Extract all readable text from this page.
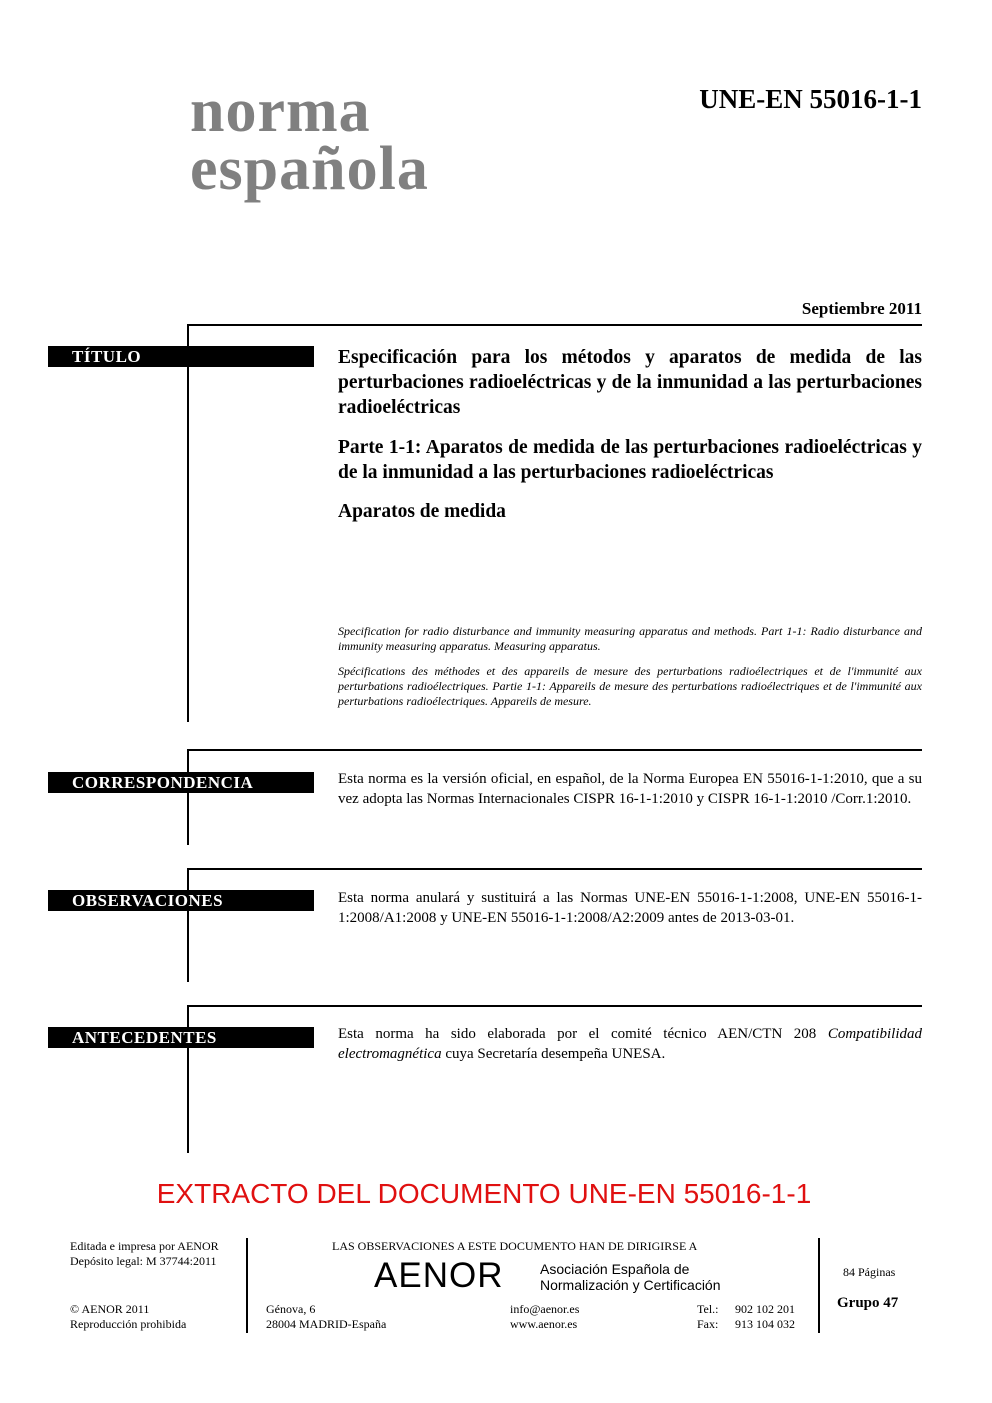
norma
española
UNE-EN 55016-1-1
Septiembre 2011
TÍTULO	Especificación para los métodos y aparatos de medida de las perturbaciones radioeléctricas y de la inmunidad a las perturbaciones radioeléctricas

Parte 1-1: Aparatos de medida de las perturbaciones radioeléctricas y de la inmunidad a las perturbaciones radioeléctricas

Aparatos de medida

Specification for radio disturbance and immunity measuring apparatus and methods. Part 1-1: Radio disturbance and immunity measuring apparatus. Measuring apparatus.

Spécifications des méthodes et des appareils de mesure des perturbations radioélectriques et de l'immunité aux perturbations radioélectriques. Partie 1-1: Appareils de mesure des perturbations radioélectriques et de l'immunité aux perturbations radioélectriques. Appareils de mesure.

CORRESPONDENCIA	Esta norma es la versión oficial, en español, de la Norma Europea EN 55016-1-1:2010, que a su vez adopta las Normas Internacionales CISPR 16-1-1:2010 y CISPR 16-1-1:2010 /Corr.1:2010.

OBSERVACIONES	Esta norma anulará y sustituirá a las Normas UNE-EN 55016-1-1:2008, UNE-EN 55016-1-1:2008/A1:2008 y UNE-EN 55016-1-1:2008/A2:2009 antes de 2013-03-01.

ANTECEDENTES	Esta norma ha sido elaborada por el comité técnico AEN/CTN 208 Compatibilidad electromagnética cuya Secretaría desempeña UNESA.

EXTRACTO DEL DOCUMENTO UNE-EN 55016-1-1
Editada e impresa por AENOR
Depósito legal: M 37744:2011
© AENOR 2011
Reproducción prohibida
LAS OBSERVACIONES A ESTE DOCUMENTO HAN DE DIRIGIRSE A
AENOR	Asociación Española de
Normalización y Certificación
Génova, 6
28004 MADRID-España
info@aenor.es
www.aenor.es
Tel.: 902 102 201
Fax: 913 104 032
84 Páginas
Grupo 47
